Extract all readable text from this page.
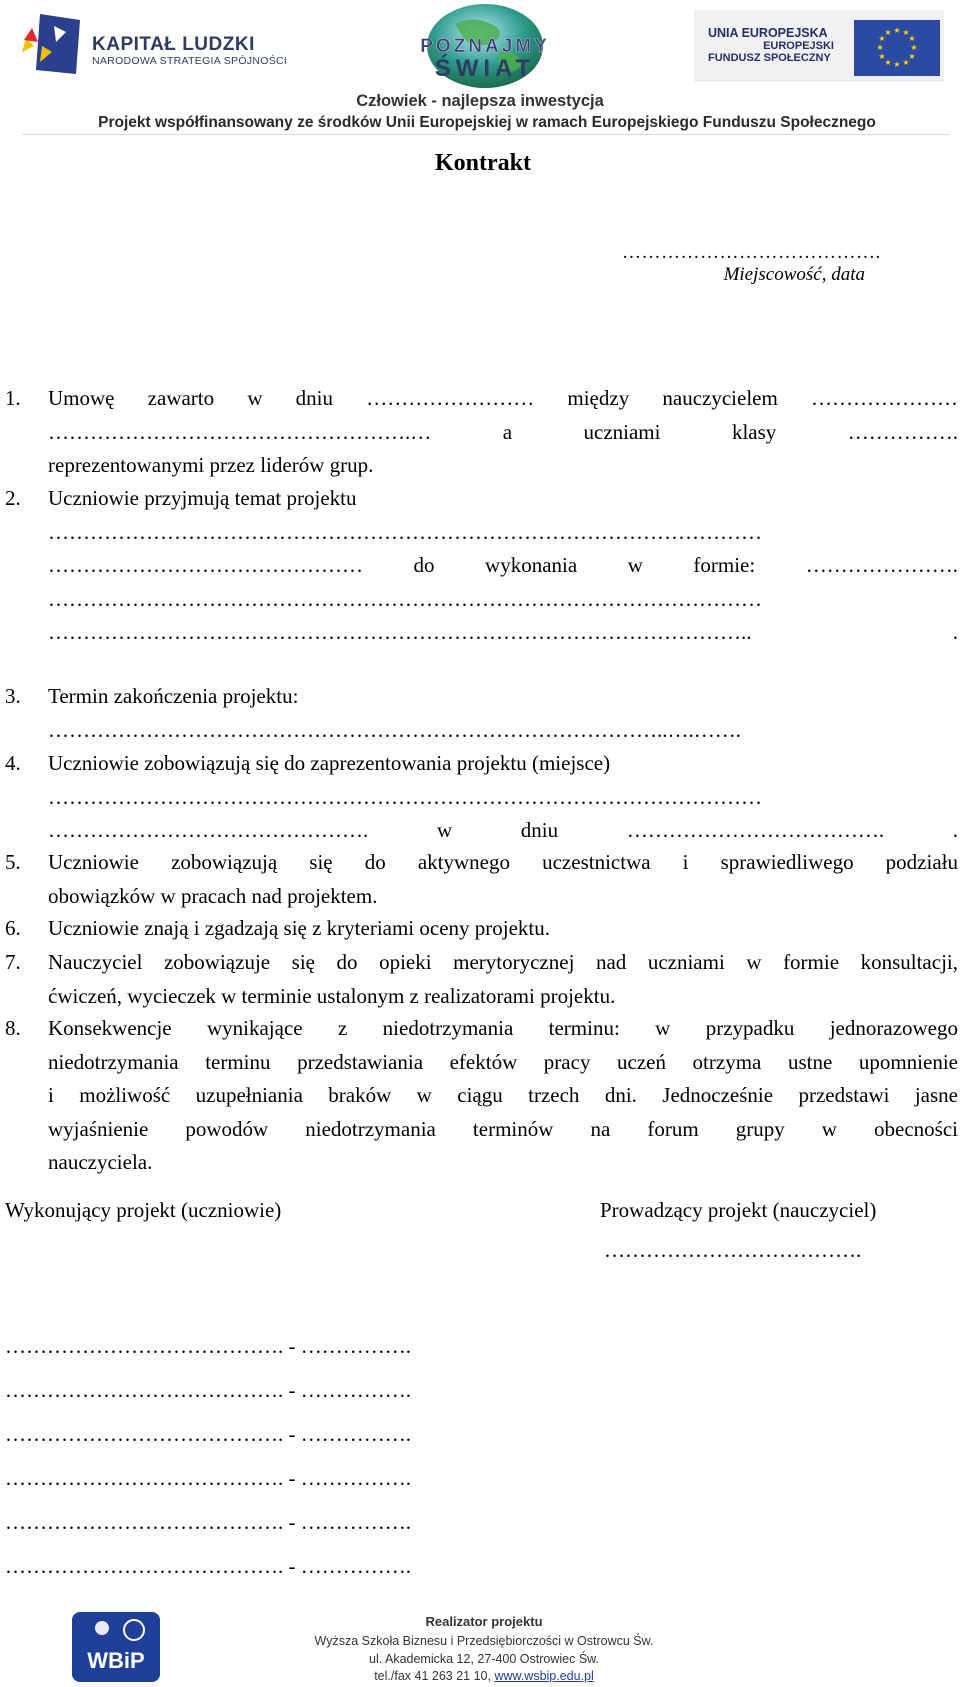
KAPITAŁ LUDZKI
NARODOWA STRATEGIA SPÓJNOŚCI
POZNAJMY
ŚWIAT
UNIA EUROPEJSKA
EUROPEJSKI
FUNDUSZ SPOŁECZNY
★ ★
★
★
★
★
★
★
★
★
★
★
Człowiek - najlepsza inwestycja
Projekt współfinansowany ze środków Unii Europejskiej w ramach Europejskiego Funduszu Społecznego
Kontrakt
………………………………….
Miejscowość, data
1. Umowę zawarto w dniu …………………… między nauczycielem …………………
…………………………………………….… a uczniami klasy …………….
reprezentowanymi przez liderów grup.
2. Uczniowie przyjmują temat projektu
…………………………………………………………………………………………
……………………………………… do wykonania w formie: ………………….
…………………………………………………………………………………………
……………………………………………………………………………………….. .
3. Termin zakończenia projektu:
……………………………………………………………………………..….…….
4. Uczniowie zobowiązują się do zaprezentowania projektu (miejsce)
…………………………………………………………………………………………
………………………………………. w dniu ………………………………. .
5. Uczniowie zobowiązują się do aktywnego uczestnictwa i sprawiedliwego podziału
obowiązków w pracach nad projektem.
6. Uczniowie znają i zgadzają się z kryteriami oceny projektu.
7. Nauczyciel zobowiązuje się do opieki merytorycznej nad uczniami w formie konsultacji,
ćwiczeń, wycieczek w terminie ustalonym z realizatorami projektu.
8. Konsekwencje wynikające z niedotrzymania terminu: w przypadku jednorazowego
niedotrzymania terminu przedstawiania efektów pracy uczeń otrzyma ustne upomnienie
i możliwość uzupełniania braków w ciągu trzech dni. Jednocześnie przedstawi jasne
wyjaśnienie powodów niedotrzymania terminów na forum grupy w obecności
nauczyciela.
Wykonujący projekt (uczniowie)	Prowadzący projekt (nauczyciel)
……………………………….
…………………………………. - …………….
…………………………………. - …………….
…………………………………. - …………….
…………………………………. - …………….
…………………………………. - …………….
…………………………………. - …………….
WBiP
Realizator projektu
Wyższa Szkoła Biznesu i Przedsiębiorczości w Ostrowcu Św.
ul. Akademicka 12, 27-400 Ostrowiec Św.
tel./fax 41 263 21 10, www.wsbip.edu.pl
